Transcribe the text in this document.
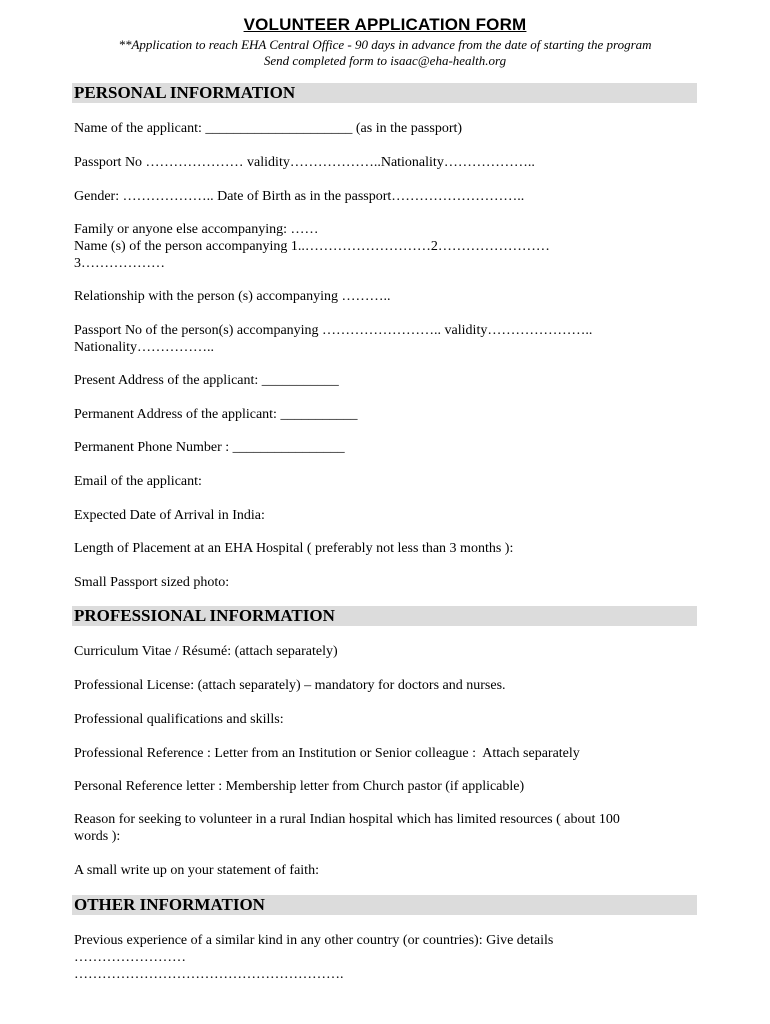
VOLUNTEER APPLICATION FORM
**Application to reach EHA Central Office - 90 days in advance from the date of starting the program
Send completed form to isaac@eha-health.org
PERSONAL INFORMATION
Name of the applicant: _____________________ (as in the passport)
Passport No ………………… validity………………..Nationality………………..
Gender: ……………….. Date of Birth as in the passport………………………..
Family or anyone else accompanying: ……
Name (s) of the person accompanying 1..………………………2……………………
3………………
Relationship with the person (s) accompanying ………..
Passport No of the person(s) accompanying …………………….. validity…………………..
Nationality……………..
Present Address of the applicant: ___________
Permanent Address of the applicant: ___________
Permanent Phone Number : ________________
Email of the applicant:
Expected Date of Arrival in India:
Length of Placement at an EHA Hospital ( preferably not less than 3 months ):
Small Passport sized photo:
PROFESSIONAL INFORMATION
Curriculum Vitae / Résumé: (attach separately)
Professional License: (attach separately) – mandatory for doctors and nurses.
Professional qualifications and skills:
Professional Reference : Letter from an Institution or Senior colleague :  Attach separately
Personal Reference letter : Membership letter from Church pastor (if applicable)
Reason for seeking to volunteer in a rural Indian hospital which has limited resources ( about 100
words ):
A small write up on your statement of faith:
OTHER INFORMATION
Previous experience of a similar kind in any other country (or countries): Give details
……………………
………………………………………………….
